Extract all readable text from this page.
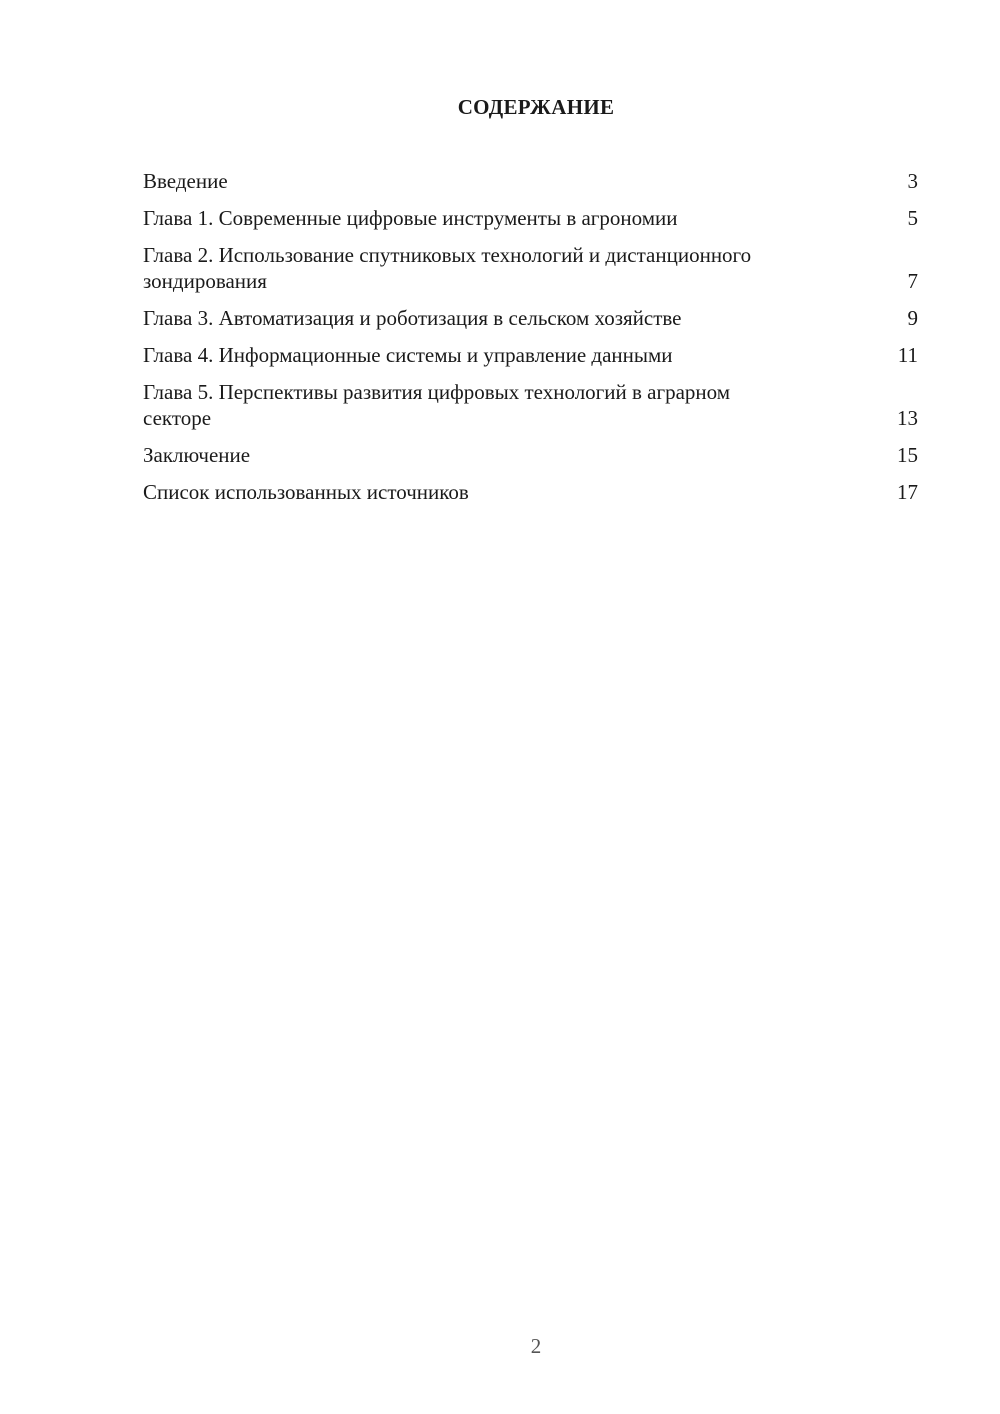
СОДЕРЖАНИЕ
Введение	3
Глава 1. Современные цифровые инструменты в агрономии	5
Глава 2. Использование спутниковых технологий и дистанционного зондирования	7
Глава 3. Автоматизация и роботизация в сельском хозяйстве	9
Глава 4. Информационные системы и управление данными	11
Глава 5. Перспективы развития цифровых технологий в аграрном секторе	13
Заключение	15
Список использованных источников	17
2
